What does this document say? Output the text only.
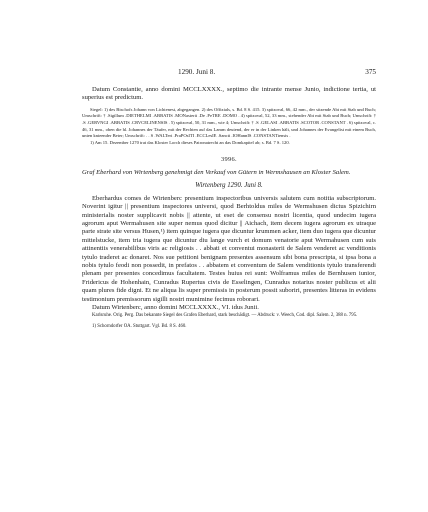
1290. Juni 8.	375

Datum Constantie, anno domini MCCLXXXX., septimo die intrante mense Junio, indictione tertia, ut superius est predictum.

Siegel: 1) des Bischofs Johann von Lichtenest, abgegangen. 2) des Offizials, s. Bd. 8 S. 415. 3) spitzoval, 66, 42 mm., der sitzende Abt mit Stab und Buch; Umschrift: † .Sigillum .DIETHELMI .ABBATIS .MONasterii .De .PeTRE .DOMO . 4) spitzoval, 52, 33 mm., stehender Abt mit Stab und Buch; Umschrift: † .S .GERVNGI .ABBATIS .CRVCELINENSIS . 5) spitzoval, 50, 31 mm., wie 4; Umschrift: † .S .GELASI .ABBATIS .SCOTOR .CONSTANT . 6) spitzoval, c. 46, 31 mm., oben die hl. Johannes der Täufer, mit der Rechten auf das Lamm deutend, der er in der Linken hält, und Johannes der Evangelist mit einem Buch, unten knieender Beter; Umschrift: . . S .WALTeri .PraPOsITI .ECCLesIE .Sancti .IOHannIS .CONSTANTiensis .

1) Am 15. Dezember 1270 trat das Kloster Lorch dieses Patronatrecht an das Domkapitel ab; s. Bd. 7 S. 120.

3996.
Graf Eberhard von Wirtenberg genehmigt den Verkauf von Gütern in Wermshausen an Kloster Salem.
Wirtenberg 1290. Juni 8.

Eberhardus comes de Wirtenberc presentium inspectoribus universis salutem cum notitia subscriptorum. Noverint igitur || presentium inspectores universi, quod Berhtoldus miles de Wermshusen dictus Spizichirn ministerialis noster supplicavit nobis || attente, ut eset de consensu nostri licentia, quod undecim iugera agrorum aput Wermahusen site super nemus quod dicitur || Aichach, item decem iugera agrorum ex utraque parte strate site versus Husen,¹) item quinque iugera que dicuntur krummen acker, item duo iugera que dicuntur mittelstucke, item tria iugera que dicuntur diu lange vurch et domum venatorie aput Wermahusen cum suis attinentiis venerabilibus viris ac religiosis . . abbati et conventui monasterii de Salem venderet ac venditionis tytulo traderet ac donaret. Nos sue petitioni benignam presentes assensum sibi bona prescripta, si ipsa bona a nobis tytulo feodi non possedit, in prefatos . . abbatem et conventum de Salem venditionis tytulo transferendi plenam per presentes concedimus facultatem. Testes huius rei sunt: Wolframus miles de Bernhusen iunior, Fridericus de Hohenhain, Cunradus Rupertus civis de Esselingen, Cunradus notarius noster publicus et alii quam plures fide digni. Et ne aliqua lis super premissis in posterum possit suboriri, presentes litteras in evidens testimonium premissorum sigilli nostri munimine fecimus roborari.

Datum Wirtenberc, anno domini MCCLXXXX., VI. idus Junii.

Karlsruhe. Orig. Perg. Das bekannte Siegel des Grafen Eberhard, stark beschädigt. — Abdruck: v. Weech, Cod. dipl. Salem. 2, 388 n. 795.

1) Schorndorfer OA. Stuttgart. Vgl. Bd. 8 S. 460.
